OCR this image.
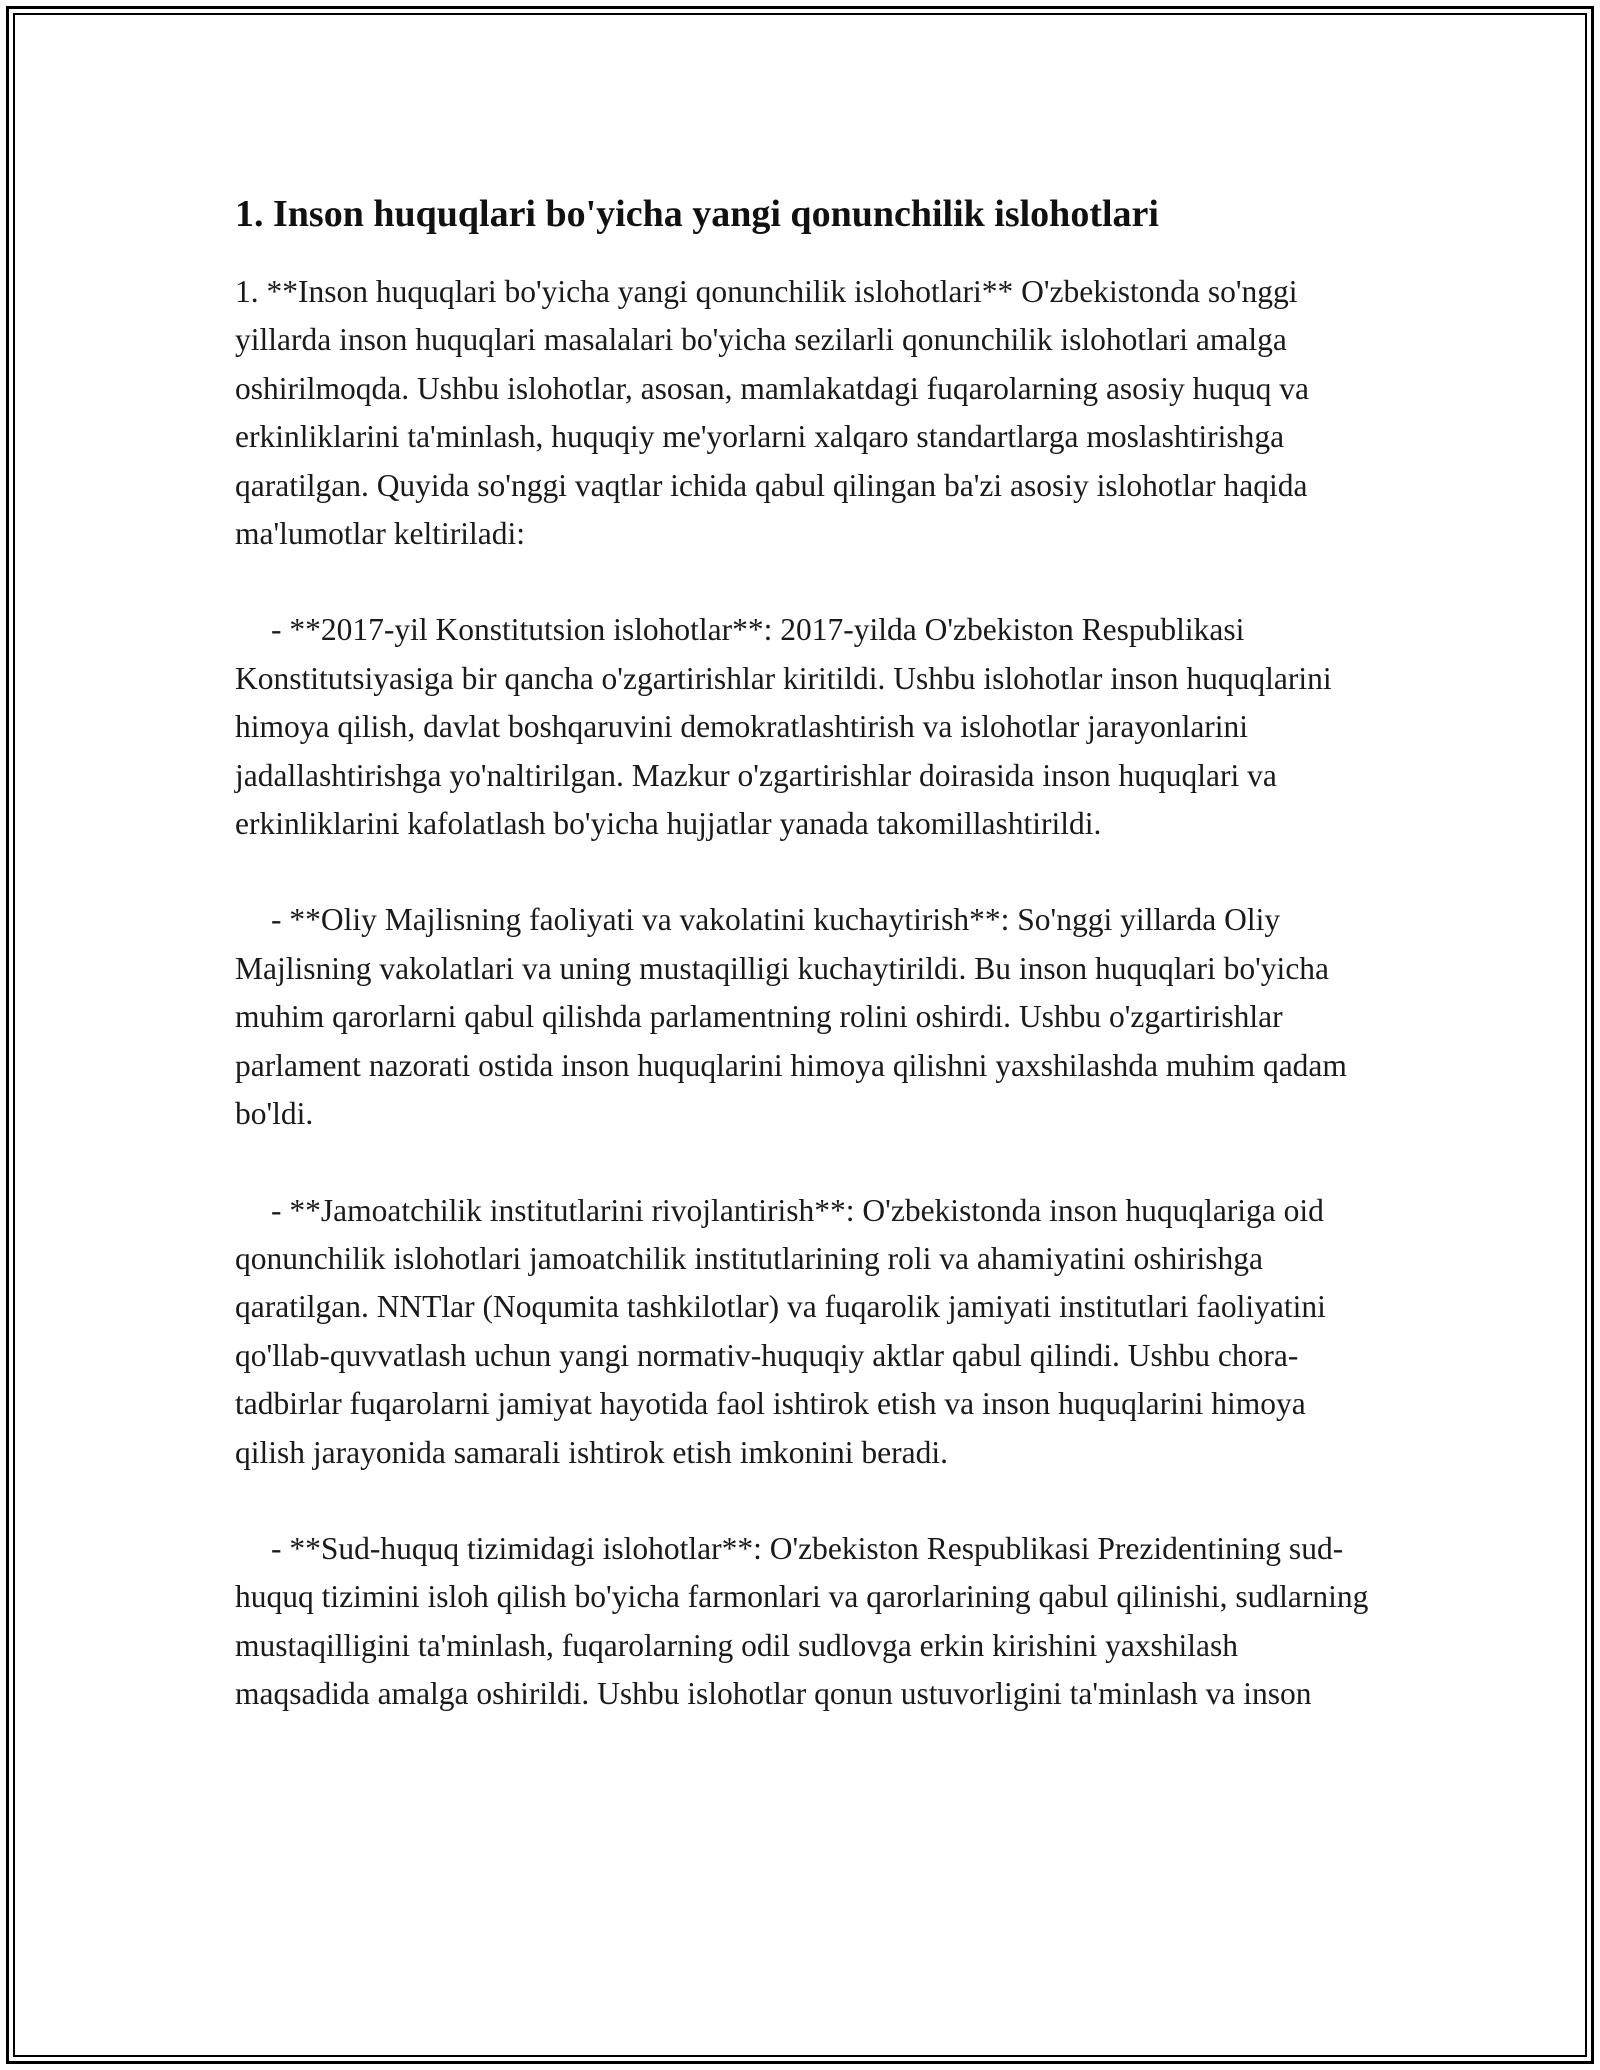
1. Inson huquqlari bo'yicha yangi qonunchilik islohotlari

1. **Inson huquqlari bo'yicha yangi qonunchilik islohotlari** O'zbekistonda so'nggi yillarda inson huquqlari masalalari bo'yicha sezilarli qonunchilik islohotlari amalga oshirilmoqda. Ushbu islohotlar, asosan, mamlakatdagi fuqarolarning asosiy huquq va erkinliklarini ta'minlash, huquqiy me'yorlarni xalqaro standartlarga moslashtirishga qaratilgan. Quyida so'nggi vaqtlar ichida qabul qilingan ba'zi asosiy islohotlar haqida ma'lumotlar keltiriladi:

- **2017-yil Konstitutsion islohotlar**: 2017-yilda O'zbekiston Respublikasi Konstitutsiyasiga bir qancha o'zgartirishlar kiritildi. Ushbu islohotlar inson huquqlarini himoya qilish, davlat boshqaruvini demokratlashtirish va islohotlar jarayonlarini jadallashtirishga yo'naltirilgan. Mazkur o'zgartirishlar doirasida inson huquqlari va erkinliklarini kafolatlash bo'yicha hujjatlar yanada takomillashtirildi.

- **Oliy Majlisning faoliyati va vakolatini kuchaytirish**: So'nggi yillarda Oliy Majlisning vakolatlari va uning mustaqilligi kuchaytirildi. Bu inson huquqlari bo'yicha muhim qarorlarni qabul qilishda parlamentning rolini oshirdi. Ushbu o'zgartirishlar parlament nazorati ostida inson huquqlarini himoya qilishni yaxshilashda muhim qadam bo'ldi.

- **Jamoatchilik institutlarini rivojlantirish**: O'zbekistonda inson huquqlariga oid qonunchilik islohotlari jamoatchilik institutlarining roli va ahamiyatini oshirishga qaratilgan. NNTlar (Noqumita tashkilotlar) va fuqarolik jamiyati institutlari faoliyatini qo'llab-quvvatlash uchun yangi normativ-huquqiy aktlar qabul qilindi. Ushbu chora-tadbirlar fuqarolarni jamiyat hayotida faol ishtirok etish va inson huquqlarini himoya qilish jarayonida samarali ishtirok etish imkonini beradi.

- **Sud-huquq tizimidagi islohotlar**: O'zbekiston Respublikasi Prezidentining sud-huquq tizimini isloh qilish bo'yicha farmonlari va qarorlarining qabul qilinishi, sudlarning mustaqilligini ta'minlash, fuqarolarning odil sudlovga erkin kirishini yaxshilash maqsadida amalga oshirildi. Ushbu islohotlar qonun ustuvorligini ta'minlash va inson
